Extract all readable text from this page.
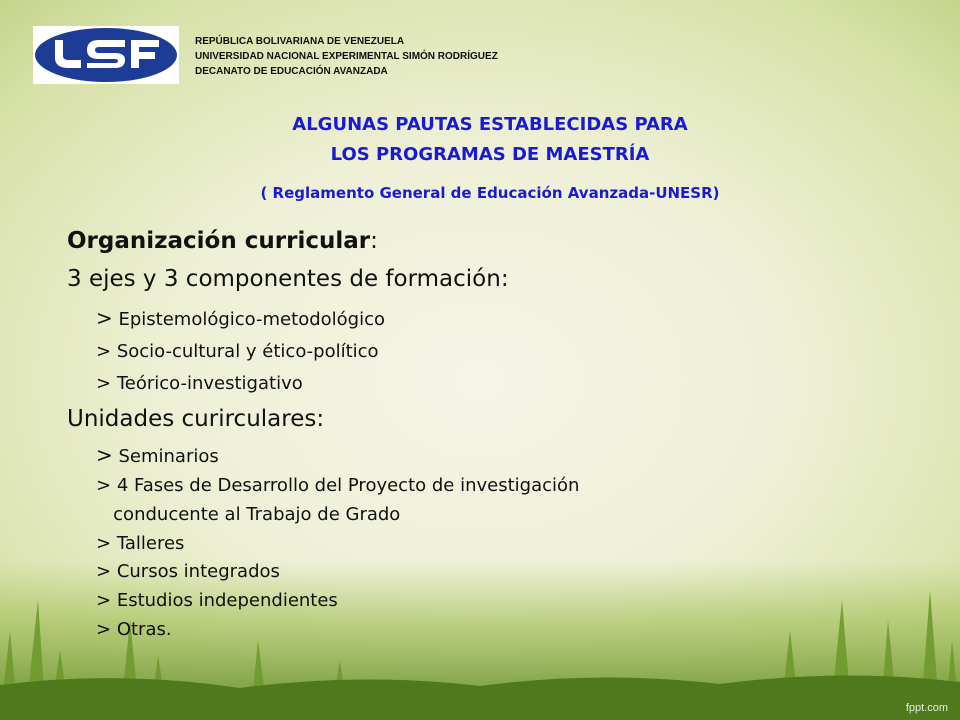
REPÚBLICA BOLIVARIANA DE VENEZUELA
UNIVERSIDAD NACIONAL EXPERIMENTAL SIMÓN RODRÍGUEZ
DECANATO DE EDUCACIÓN AVANZADA
ALGUNAS PAUTAS ESTABLECIDAS PARA
LOS PROGRAMAS DE MAESTRÍA
( Reglamento General de Educación Avanzada-UNESR)
Organización curricular:
3 ejes y 3 componentes de formación:
> Epistemológico-metodológico
> Socio-cultural y ético-político
> Teórico-investigativo
Unidades curirculares:
> Seminarios
> 4 Fases de Desarrollo del Proyecto de investigación
conducente al Trabajo de Grado
> Talleres
> Cursos integrados
> Estudios independientes
> Otras.
fppt.com
